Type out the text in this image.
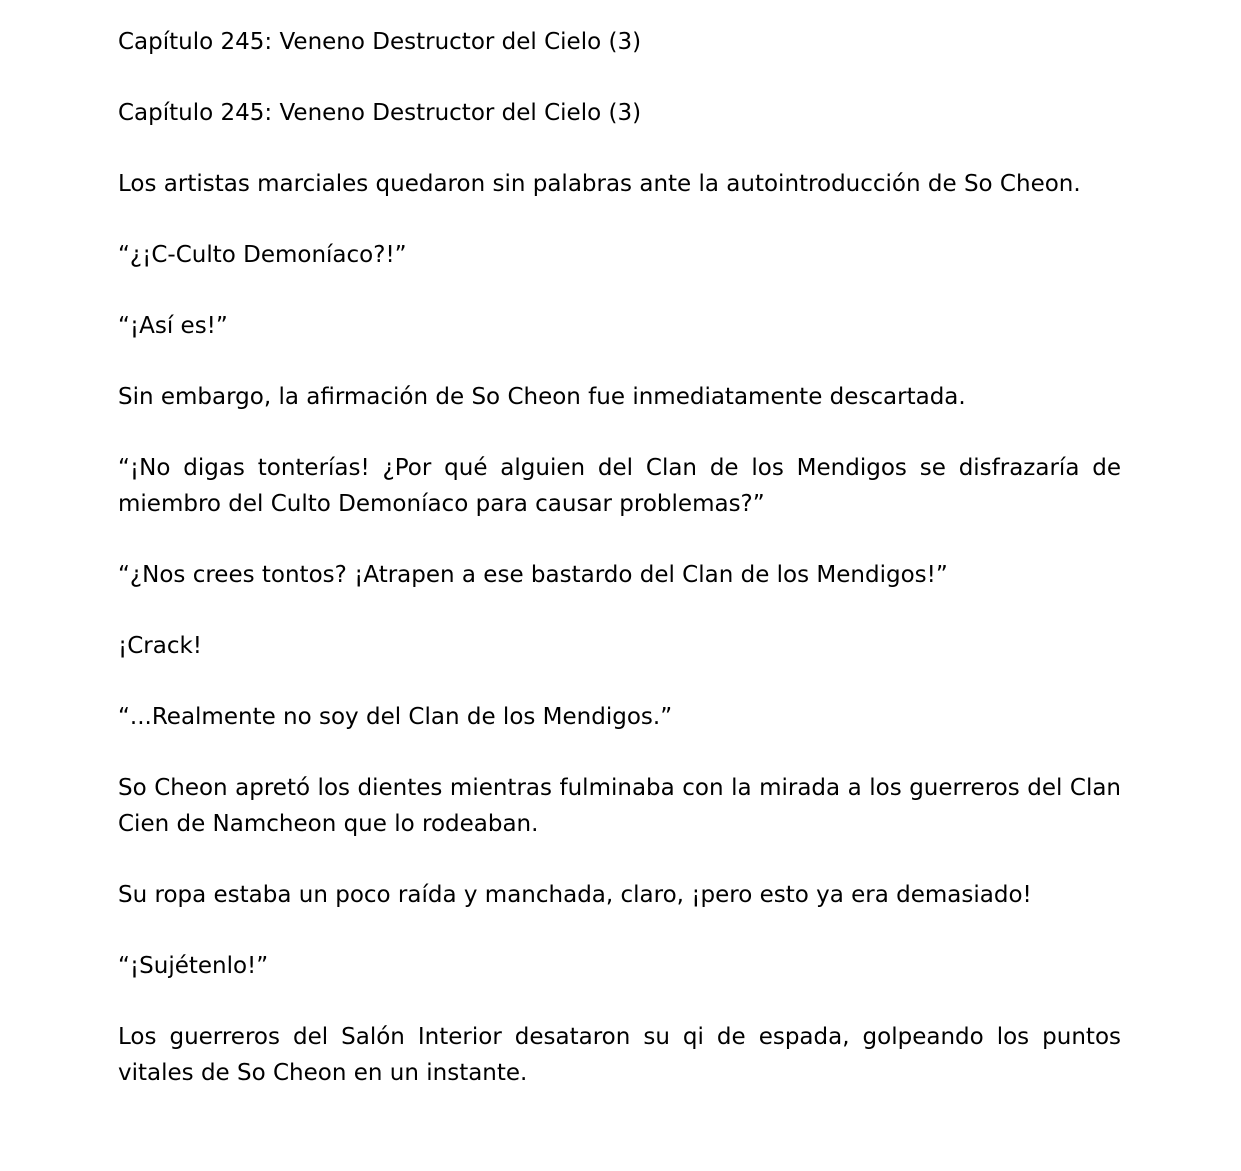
Capítulo 245: Veneno Destructor del Cielo (3)

Capítulo 245: Veneno Destructor del Cielo (3)

Los artistas marciales quedaron sin palabras ante la autointroducción de So Cheon.

“¿¡C-Culto Demoníaco?!”

“¡Así es!”

Sin embargo, la afirmación de So Cheon fue inmediatamente descartada.

“¡No digas tonterías! ¿Por qué alguien del Clan de los Mendigos se disfrazaría de miembro del Culto Demoníaco para causar problemas?”

“¿Nos crees tontos? ¡Atrapen a ese bastardo del Clan de los Mendigos!”

¡Crack!

“...Realmente no soy del Clan de los Mendigos.”

So Cheon apretó los dientes mientras fulminaba con la mirada a los guerreros del Clan Cien de Namcheon que lo rodeaban.

Su ropa estaba un poco raída y manchada, claro, ¡pero esto ya era demasiado!

“¡Sujétenlo!”

Los guerreros del Salón Interior desataron su qi de espada, golpeando los puntos vitales de So Cheon en un instante.
